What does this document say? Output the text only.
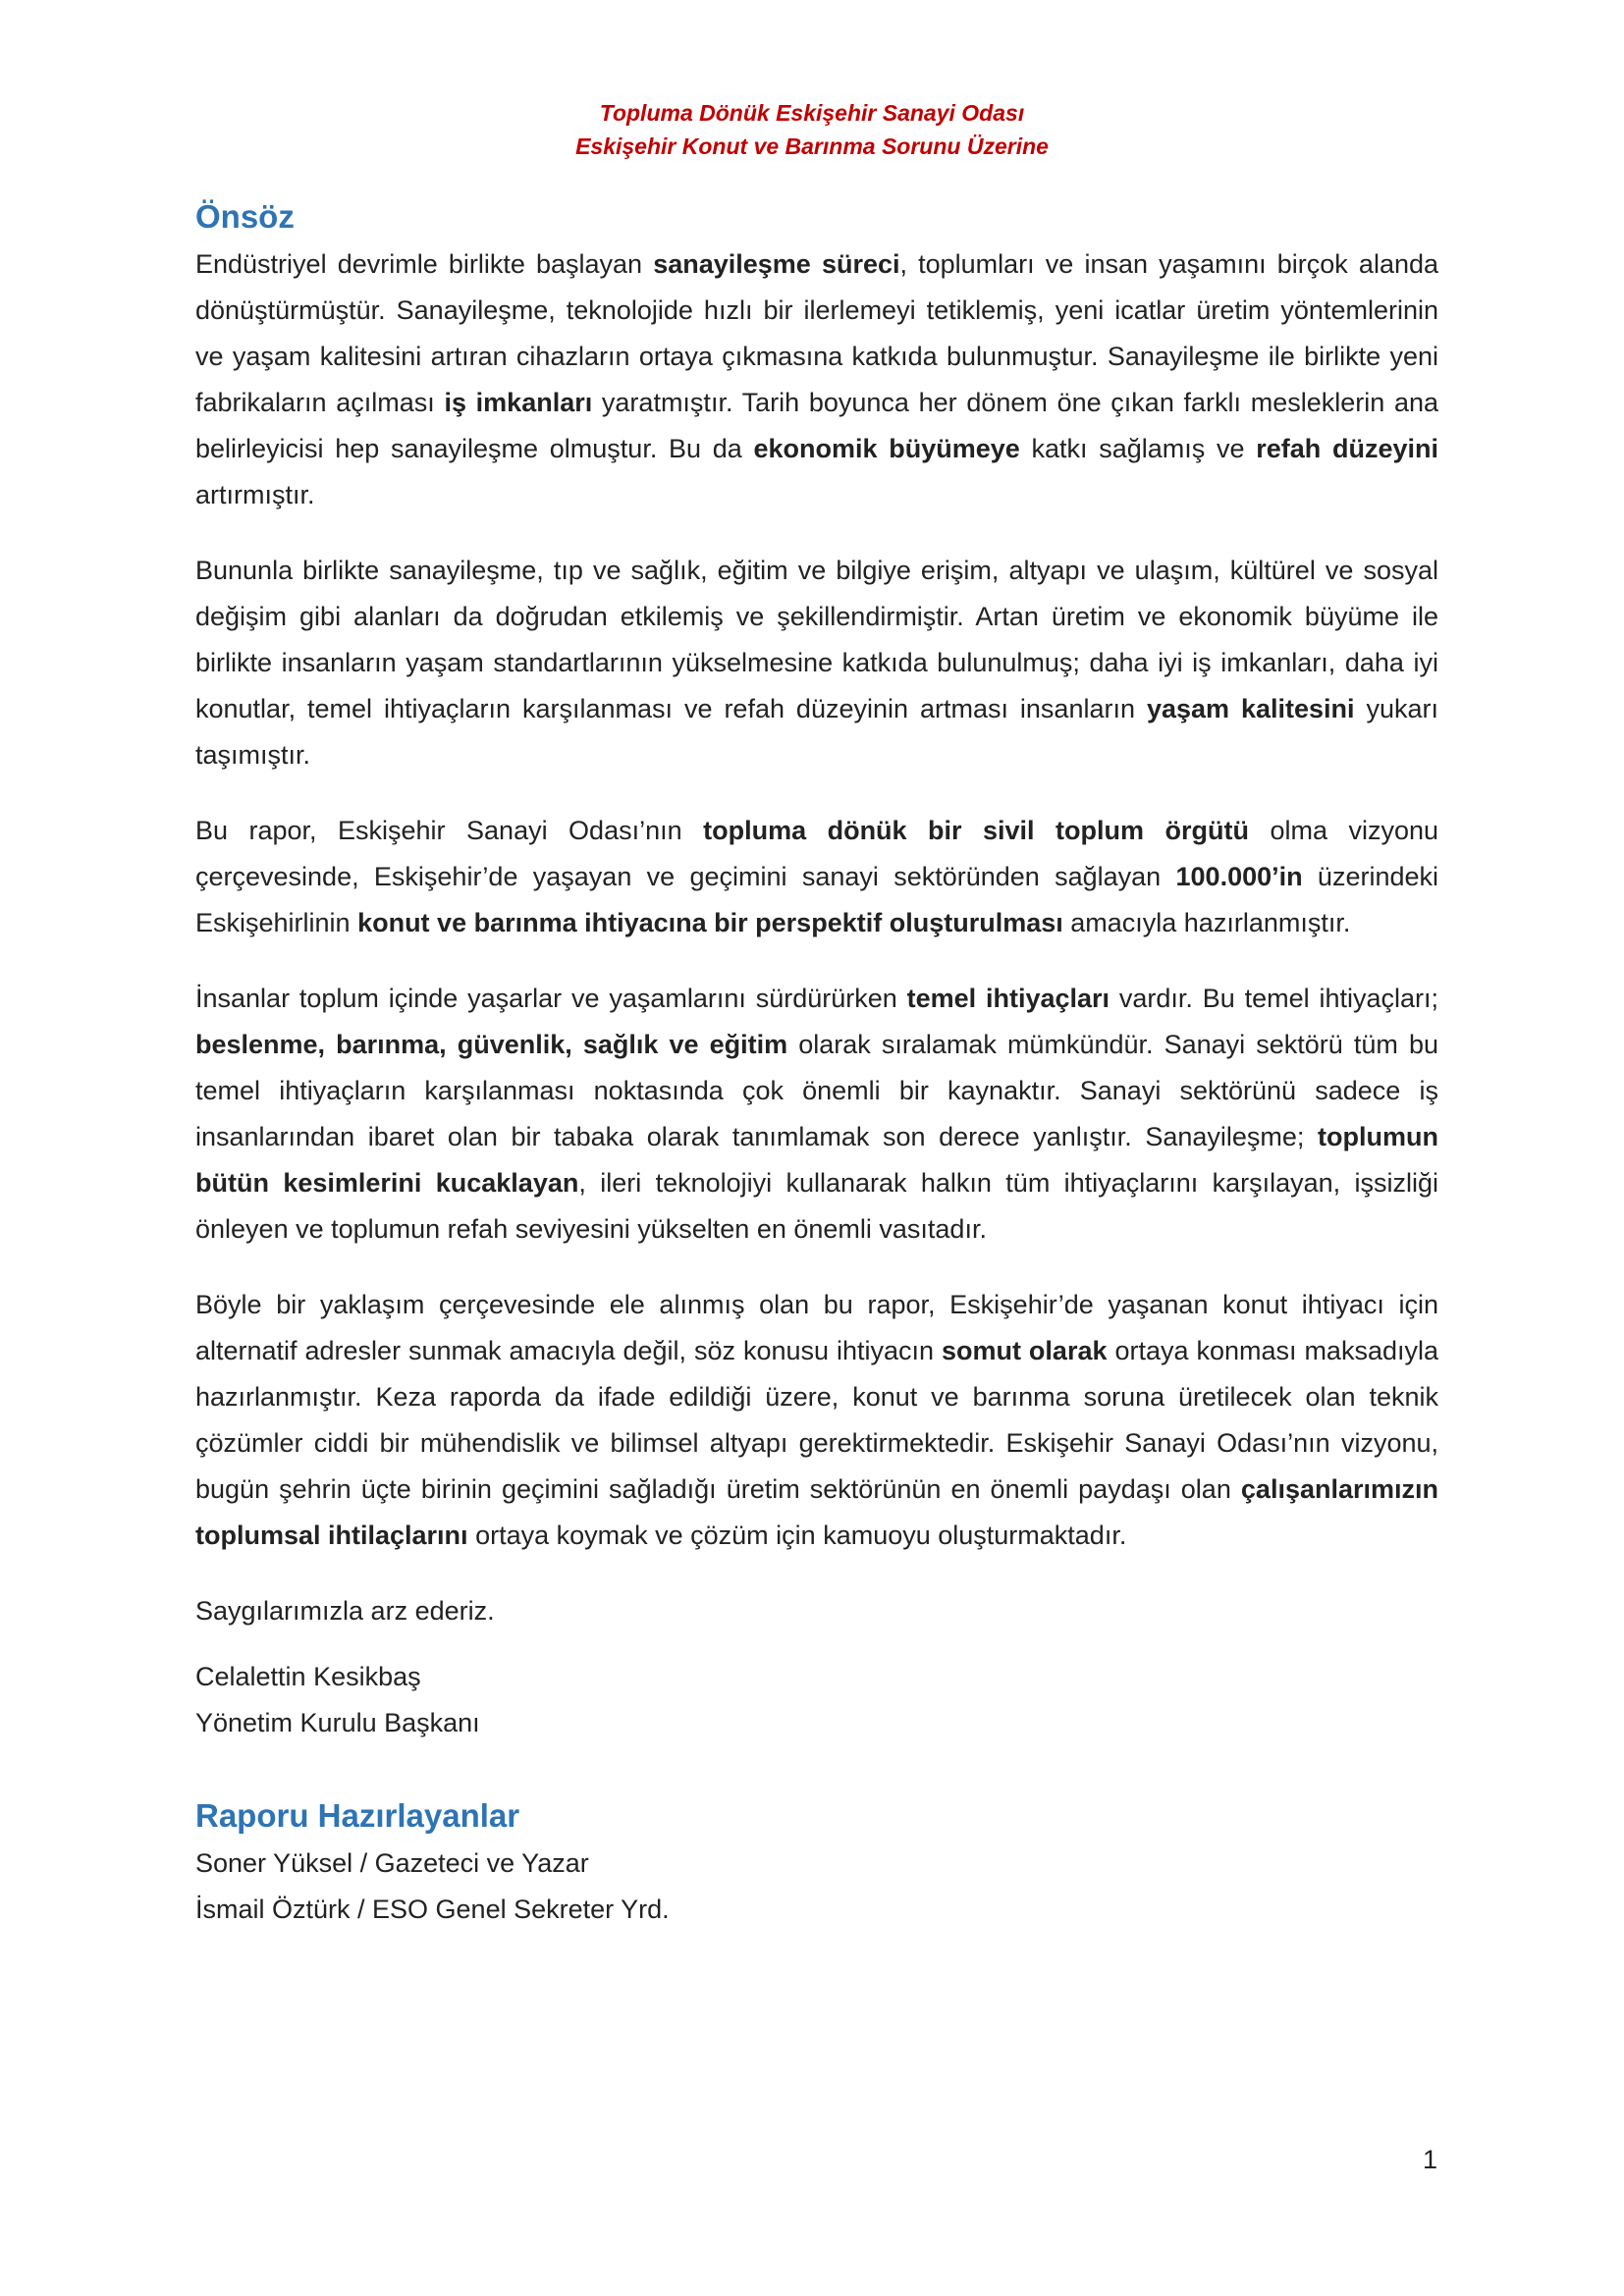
Topluma Dönük Eskişehir Sanayi Odası
Eskişehir Konut ve Barınma Sorunu Üzerine
Önsöz

Endüstriyel devrimle birlikte başlayan sanayileşme süreci, toplumları ve insan yaşamını birçok alanda dönüştürmüştür. Sanayileşme, teknolojide hızlı bir ilerlemeyi tetiklemiş, yeni icatlar üretim yöntemlerinin ve yaşam kalitesini artıran cihazların ortaya çıkmasına katkıda bulunmuştur. Sanayileşme ile birlikte yeni fabrikaların açılması iş imkanları yaratmıştır. Tarih boyunca her dönem öne çıkan farklı mesleklerin ana belirleyicisi hep sanayileşme olmuştur. Bu da ekonomik büyümeye katkı sağlamış ve refah düzeyini artırmıştır.

Bununla birlikte sanayileşme, tıp ve sağlık, eğitim ve bilgiye erişim, altyapı ve ulaşım, kültürel ve sosyal değişim gibi alanları da doğrudan etkilemiş ve şekillendirmiştir. Artan üretim ve ekonomik büyüme ile birlikte insanların yaşam standartlarının yükselmesine katkıda bulunulmuş; daha iyi iş imkanları, daha iyi konutlar, temel ihtiyaçların karşılanması ve refah düzeyinin artması insanların yaşam kalitesini yukarı taşımıştır.

Bu rapor, Eskişehir Sanayi Odası’nın topluma dönük bir sivil toplum örgütü olma vizyonu çerçevesinde, Eskişehir’de yaşayan ve geçimini sanayi sektöründen sağlayan 100.000’in üzerindeki Eskişehirlinin konut ve barınma ihtiyacına bir perspektif oluşturulması amacıyla hazırlanmıştır.

İnsanlar toplum içinde yaşarlar ve yaşamlarını sürdürürken temel ihtiyaçları vardır. Bu temel ihtiyaçları; beslenme, barınma, güvenlik, sağlık ve eğitim olarak sıralamak mümkündür. Sanayi sektörü tüm bu temel ihtiyaçların karşılanması noktasında çok önemli bir kaynaktır. Sanayi sektörünü sadece iş insanlarından ibaret olan bir tabaka olarak tanımlamak son derece yanlıştır. Sanayileşme; toplumun bütün kesimlerini kucaklayan, ileri teknolojiyi kullanarak halkın tüm ihtiyaçlarını karşılayan, işsizliği önleyen ve toplumun refah seviyesini yükselten en önemli vasıtadır.

Böyle bir yaklaşım çerçevesinde ele alınmış olan bu rapor, Eskişehir’de yaşanan konut ihtiyacı için alternatif adresler sunmak amacıyla değil, söz konusu ihtiyacın somut olarak ortaya konması maksadıyla hazırlanmıştır. Keza raporda da ifade edildiği üzere, konut ve barınma soruna üretilecek olan teknik çözümler ciddi bir mühendislik ve bilimsel altyapı gerektirmektedir. Eskişehir Sanayi Odası’nın vizyonu, bugün şehrin üçte birinin geçimini sağladığı üretim sektörünün en önemli paydaşı olan çalışanlarımızın toplumsal ihtilaçlarını ortaya koymak ve çözüm için kamuoyu oluşturmaktadır.

Saygılarımızla arz ederiz.

Celalettin Kesikbaş

Yönetim Kurulu Başkanı

Raporu Hazırlayanlar

Soner Yüksel / Gazeteci ve Yazar

İsmail Öztürk / ESO Genel Sekreter Yrd.

1
